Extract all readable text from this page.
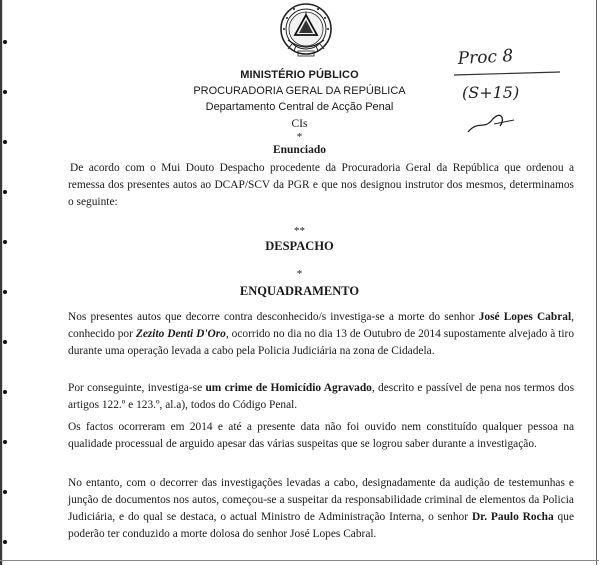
MINISTÉRIO PÚBLICO
PROCURADORIA GERAL DA REPÚBLICA
Departamento Central de Acção Penal
CIs
*
Enunciado
Proc 8
(S+15)

De acordo com o Mui Douto Despacho procedente da Procuradoria Geral da República que ordenou a remessa dos presentes autos ao DCAP/SCV da PGR e que nos designou instrutor dos mesmos, determinamos o seguinte:

**

DESPACHO

*

ENQUADRAMENTO

Nos presentes autos que decorre contra desconhecido/s investiga-se a morte do senhor José Lopes Cabral, conhecido por Zezito Denti D'Oro, ocorrido no dia no dia 13 de Outubro de 2014 supostamente alvejado à tiro durante uma operação levada a cabo pela Policia Judiciária na zona de Cidadela.

Por conseguinte, investiga-se um crime de Homicídio Agravado, descrito e passível de pena nos termos dos artigos 122.º e 123.º, al.a), todos do Código Penal.

Os factos ocorreram em 2014 e até a presente data não foi ouvido nem constituído qualquer pessoa na qualidade processual de arguido apesar das várias suspeitas que se logrou saber durante a investigação.

No entanto, com o decorrer das investigações levadas a cabo, designadamente da audição de testemunhas e junção de documentos nos autos, começou-se a suspeitar da responsabilidade criminal de elementos da Policia Judiciária, e do qual se destaca, o actual Ministro de Administração Interna, o senhor Dr. Paulo Rocha que poderão ter conduzido a morte dolosa do senhor José Lopes Cabral.
